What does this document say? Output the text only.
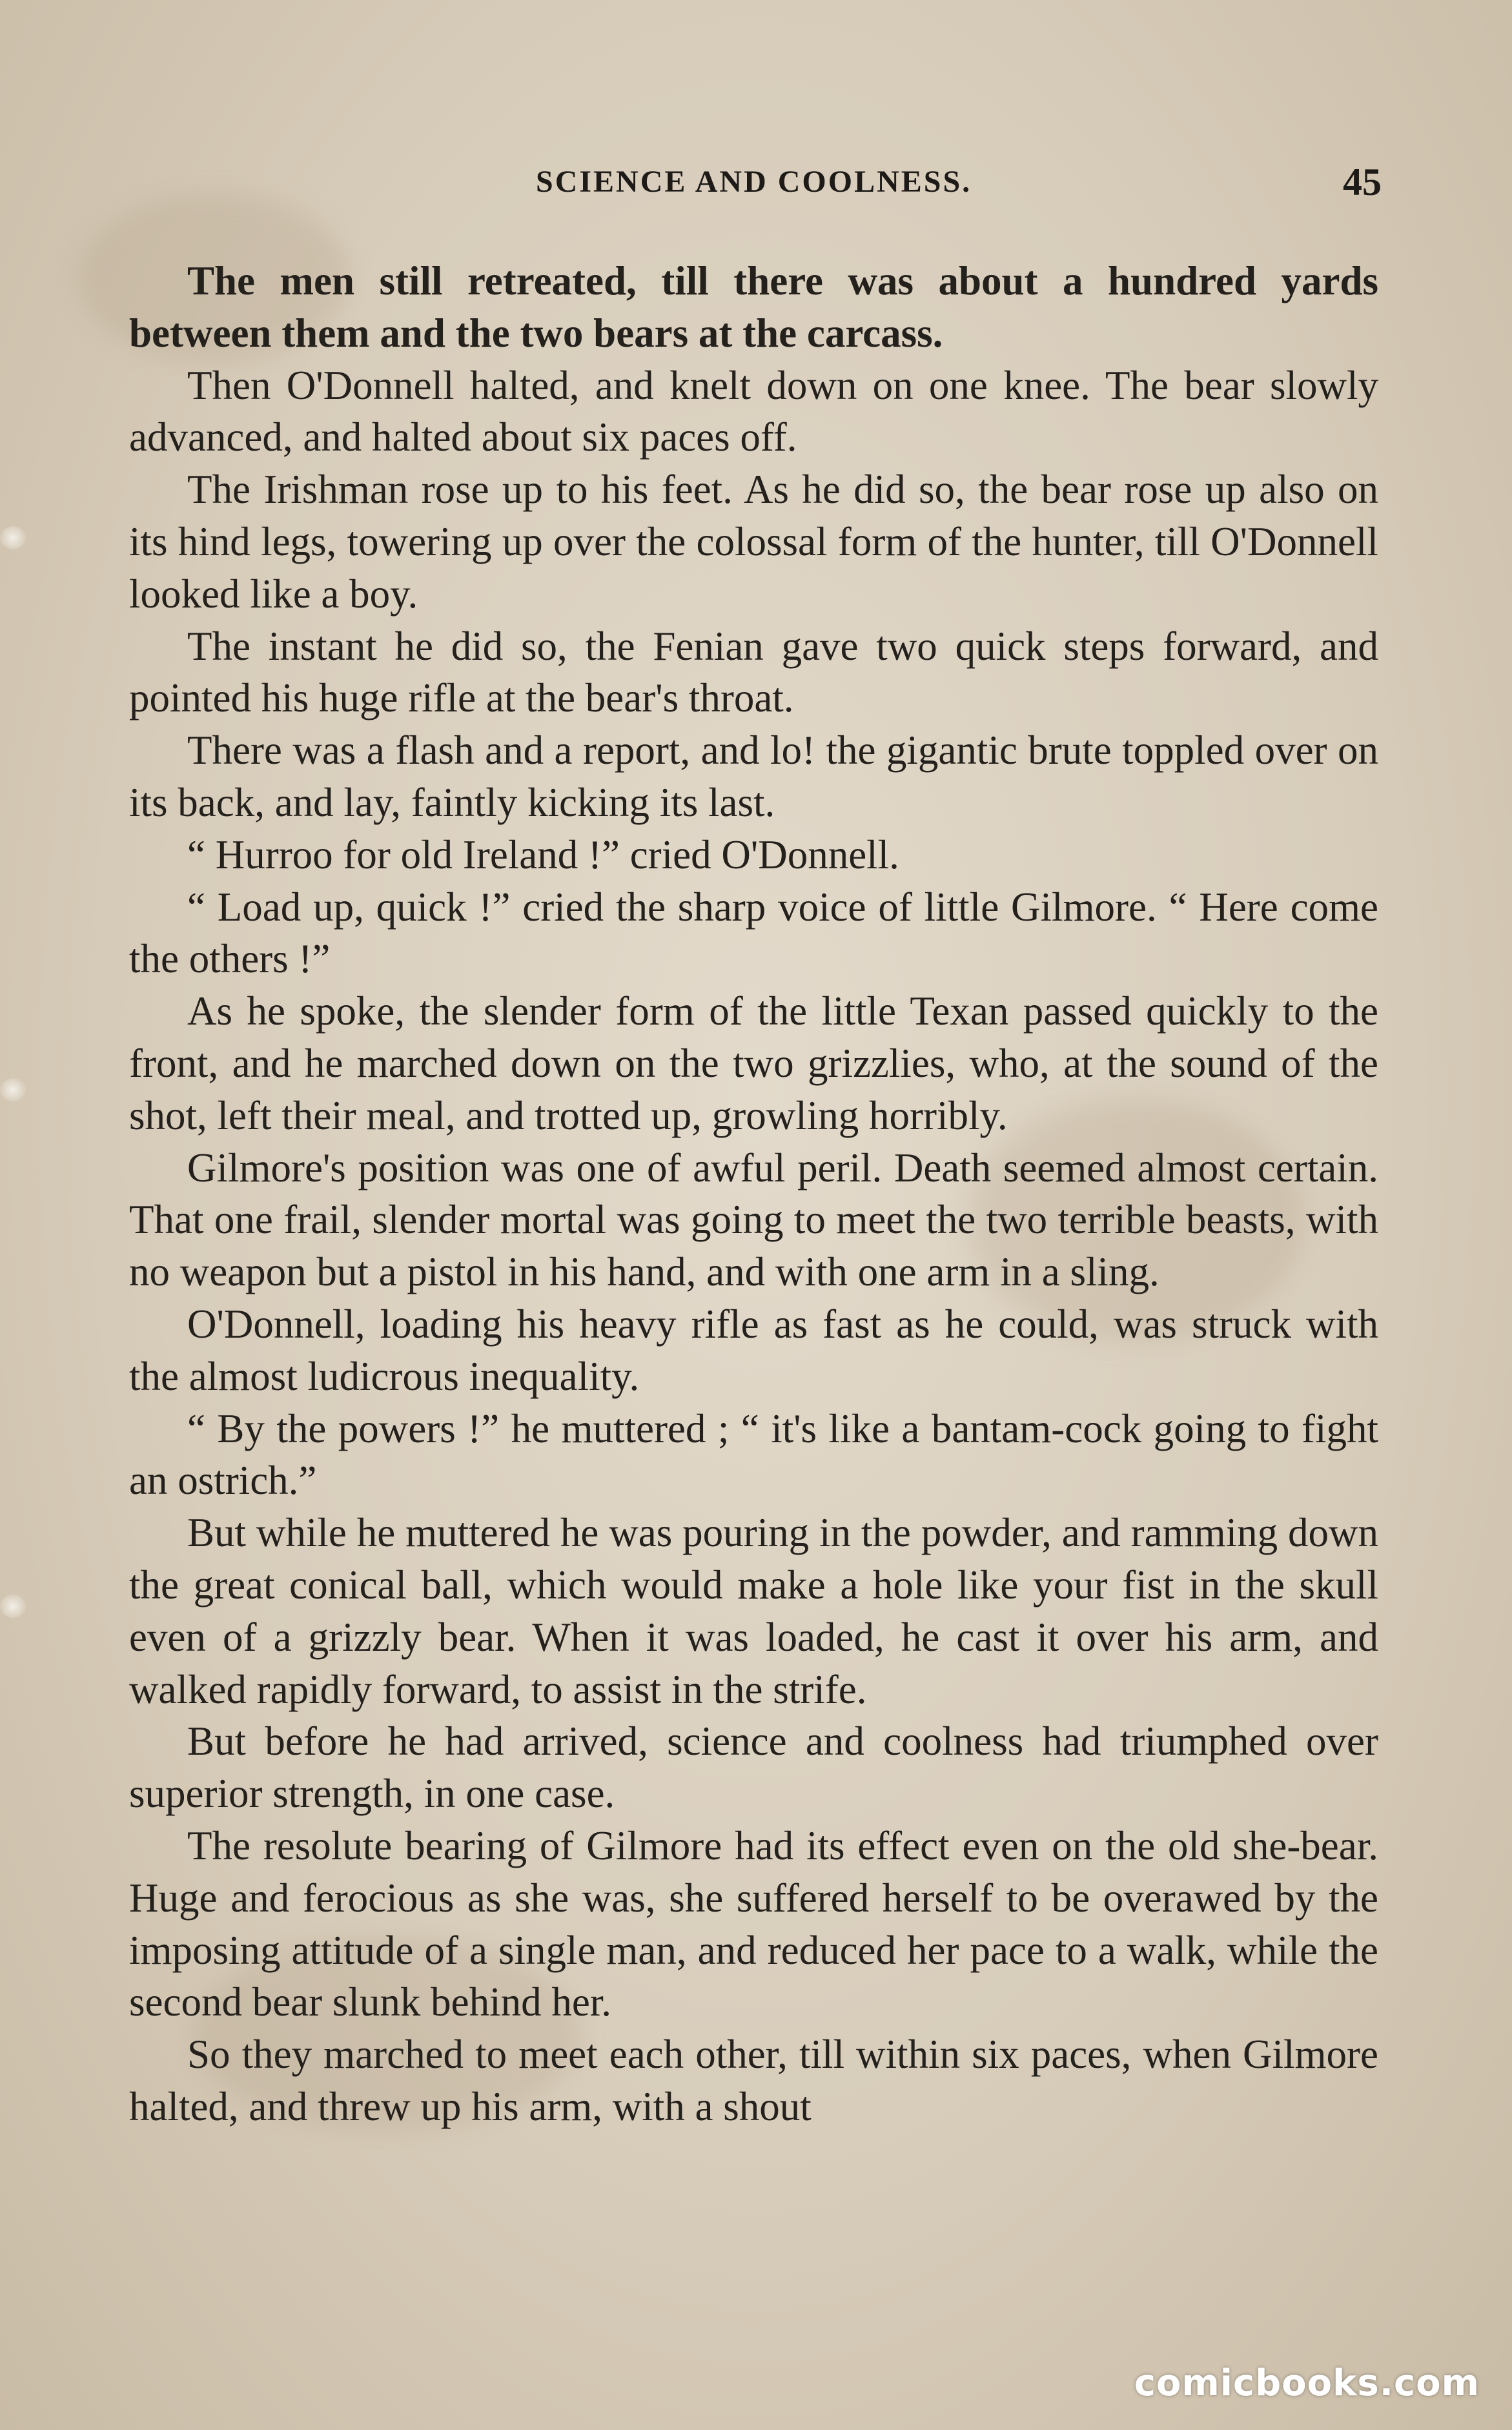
SCIENCE AND COOLNESS.	45

The men still retreated, till there was about a hundred yards between them and the two bears at the carcass.

Then O'Donnell halted, and knelt down on one knee. The bear slowly advanced, and halted about six paces off.

The Irishman rose up to his feet. As he did so, the bear rose up also on its hind legs, towering up over the colossal form of the hunter, till O'Donnell looked like a boy.

The instant he did so, the Fenian gave two quick steps forward, and pointed his huge rifle at the bear's throat.

There was a flash and a report, and lo! the gigantic brute toppled over on its back, and lay, faintly kicking its last.

“ Hurroo for old Ireland !” cried O'Donnell.

“ Load up, quick !” cried the sharp voice of little Gilmore. “ Here come the others !”

As he spoke, the slender form of the little Texan passed quickly to the front, and he marched down on the two grizzlies, who, at the sound of the shot, left their meal, and trotted up, growling horribly.

Gilmore's position was one of awful peril. Death seemed almost certain. That one frail, slender mortal was going to meet the two terrible beasts, with no weapon but a pistol in his hand, and with one arm in a sling.

O'Donnell, loading his heavy rifle as fast as he could, was struck with the almost ludicrous inequality.

“ By the powers !” he muttered ; “ it's like a bantam-cock going to fight an ostrich.”

But while he muttered he was pouring in the powder, and ramming down the great conical ball, which would make a hole like your fist in the skull even of a grizzly bear. When it was loaded, he cast it over his arm, and walked rapidly forward, to assist in the strife.

But before he had arrived, science and coolness had triumphed over superior strength, in one case.

The resolute bearing of Gilmore had its effect even on the old she-bear. Huge and ferocious as she was, she suffered herself to be overawed by the imposing attitude of a single man, and reduced her pace to a walk, while the second bear slunk behind her.

So they marched to meet each other, till within six paces, when Gilmore halted, and threw up his arm, with a shout

comicbooks.com
